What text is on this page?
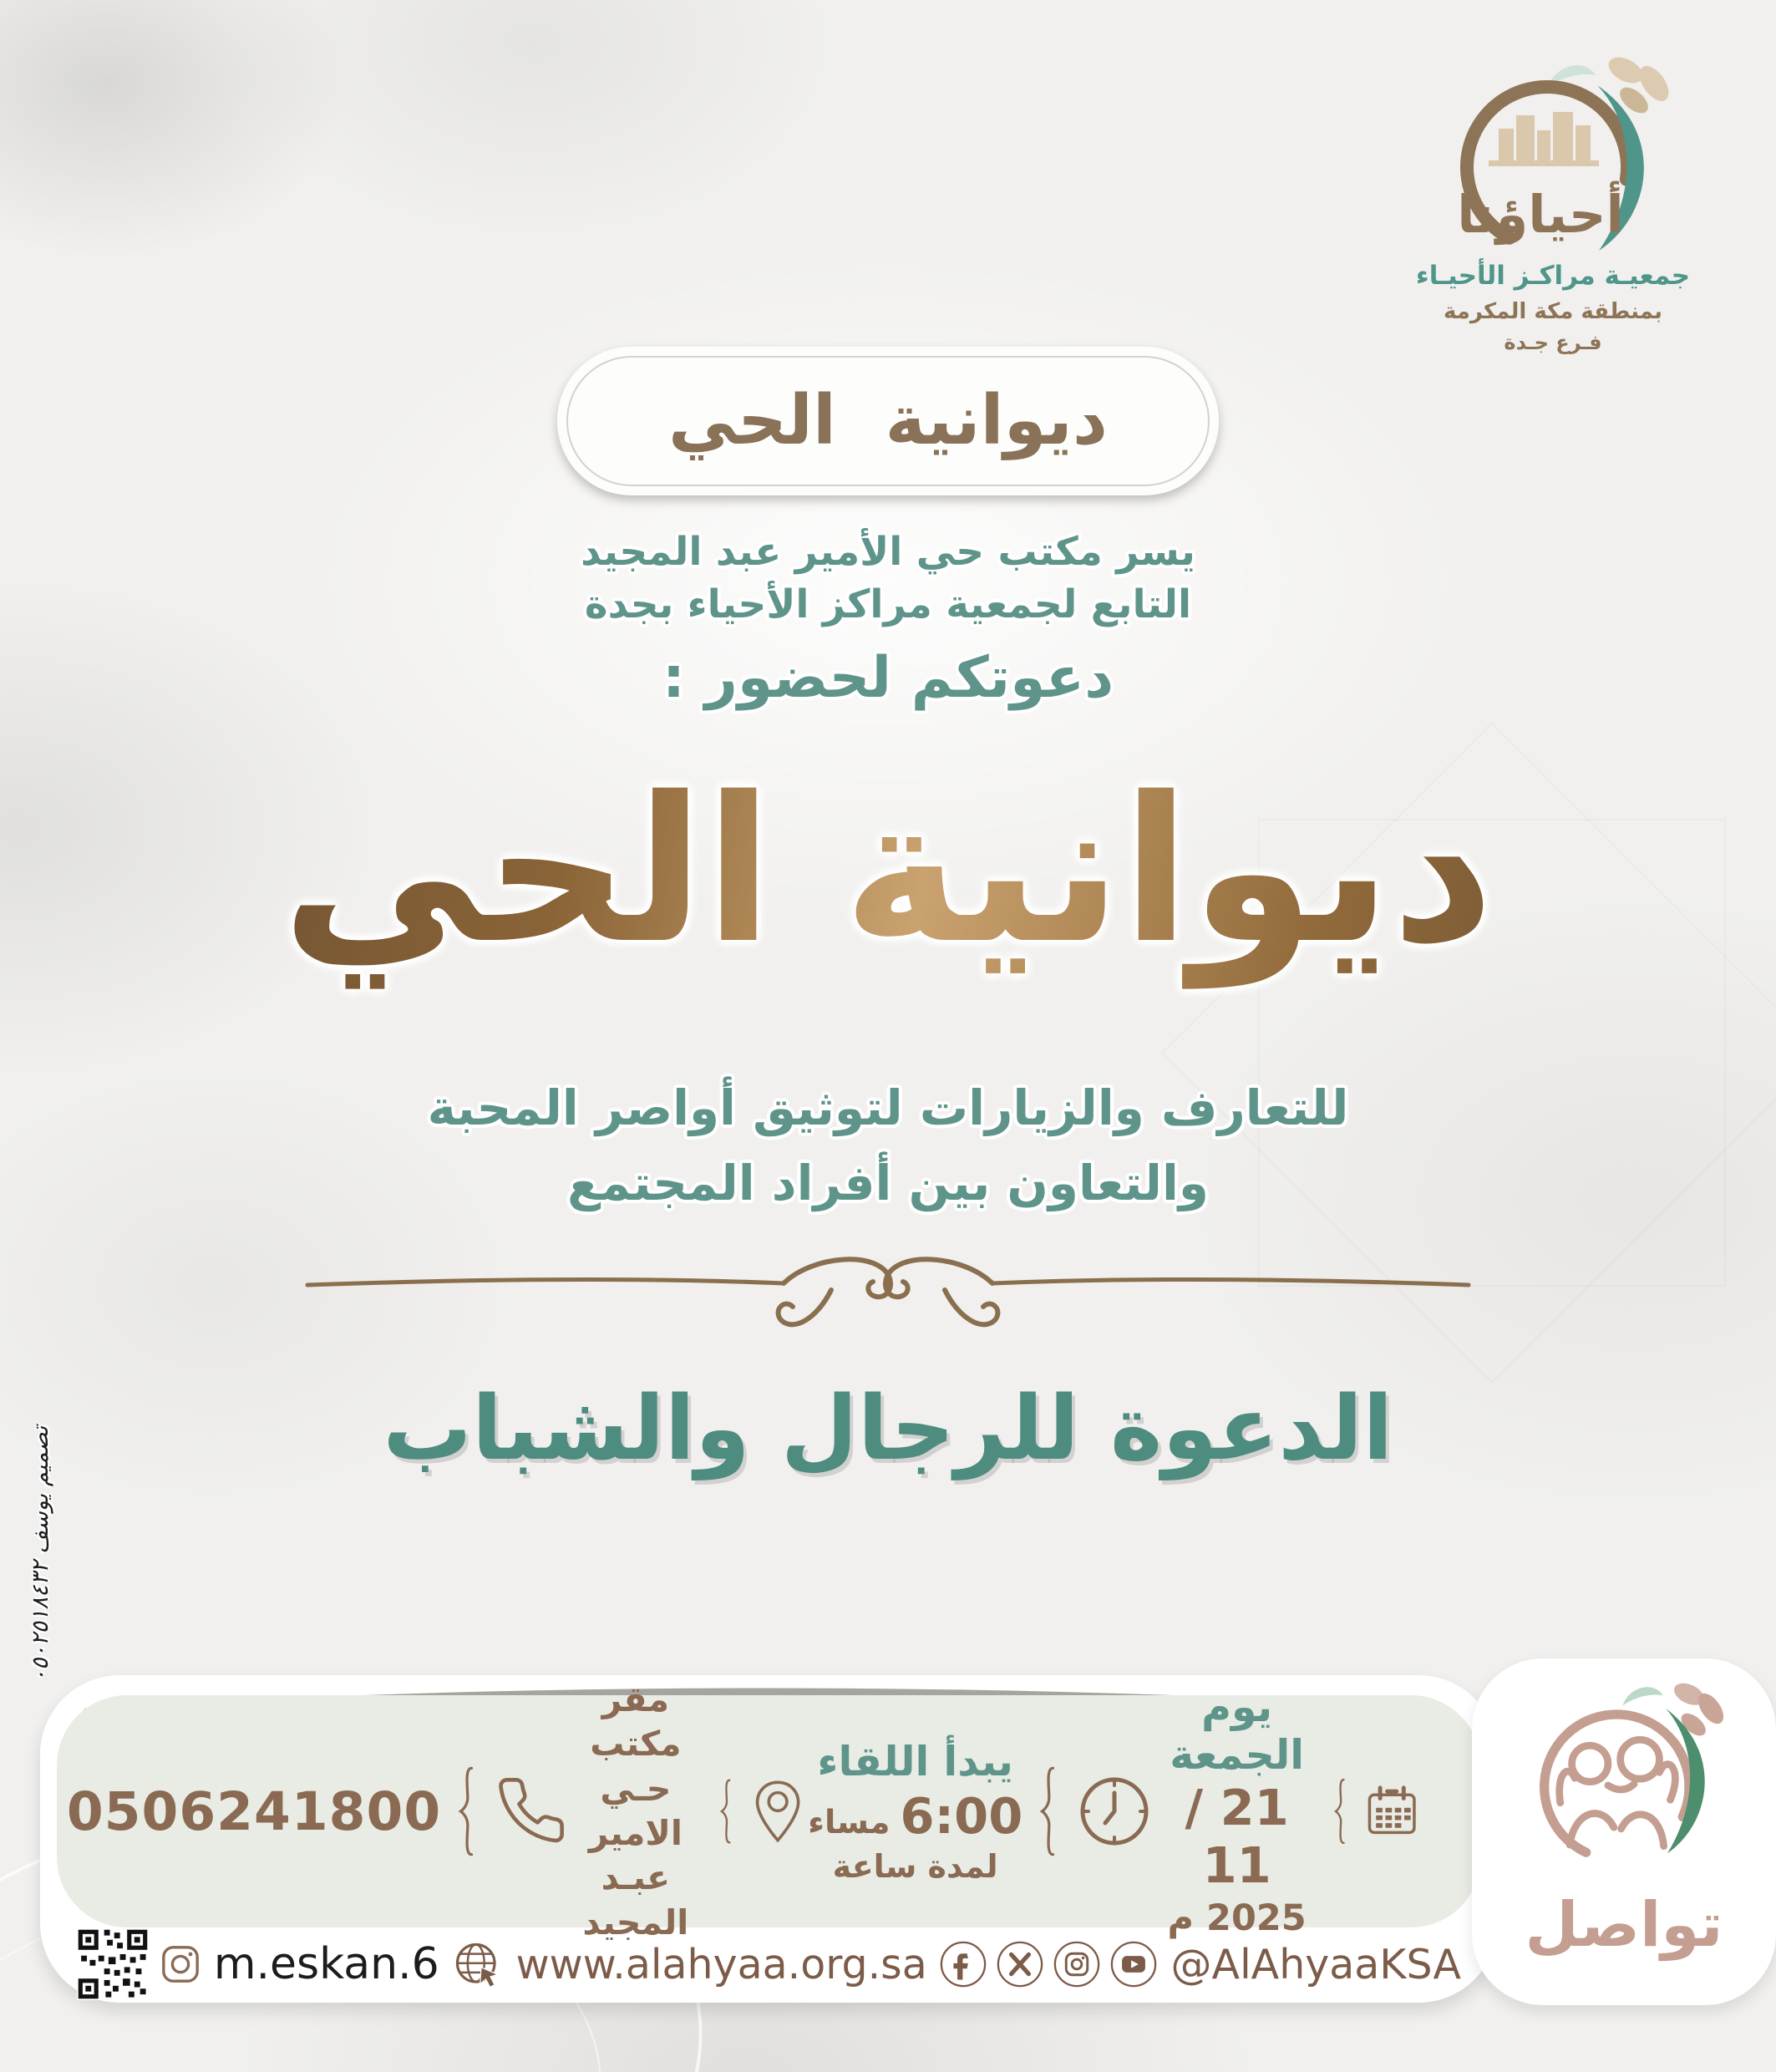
أحياؤنا
جمعيـة مراكـز الأحيـاء
بمنطقة مكة المكرمة
فـرع جـدة
ديوانية الحي
يسر مكتب حي الأمير عبد المجيد
التابع لجمعية مراكز الأحياء بجدة
دعوتكم لحضور :
ديوانية الحي
للتعارف والزيارات لتوثيق أواصر المحبة
والتعاون بين أفراد المجتمع
الدعوة للرجال والشباب
تصميم يوسف ٠٥٠٢٥١٨٤٣٢
يوم الجمعة
21 / 11
2025 م
يبدأ اللقاء
6:00
مساء
لمدة ساعة
مقر مكتب
حـي الامير
عبـد المجيد
0506241800
m.eskan.6 www.alahyaa.org.sa	@AlAhyaaKSA
تواصل
